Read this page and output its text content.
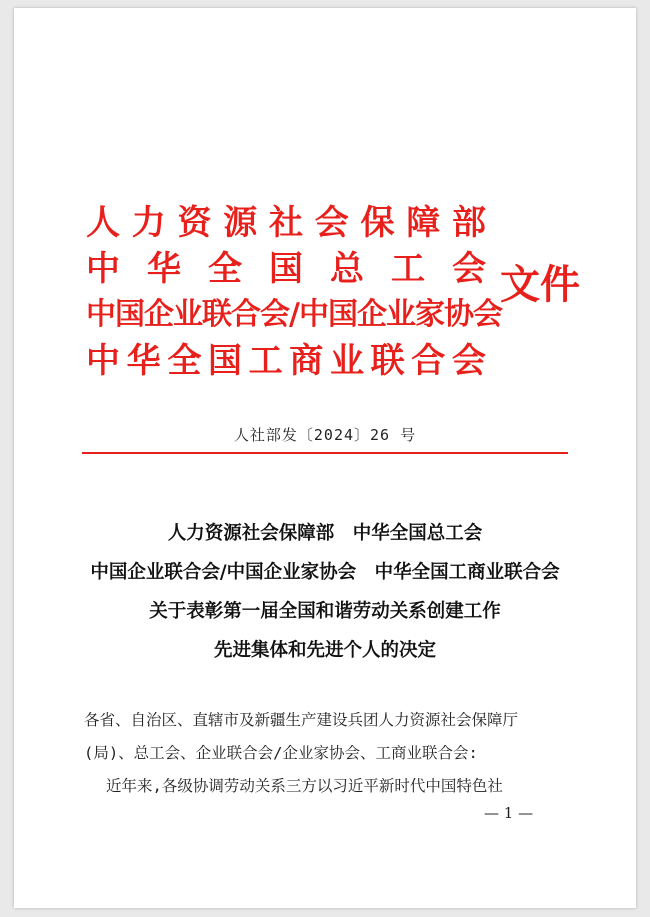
人 力 资 源 社 会 保 障 部
中 华 全 国 总 工 会
中国企业联合会/中国企业家协会
中 华 全 国 工 商 业 联 合 会
文件
人社部发〔2024〕26 号
人力资源社会保障部　中华全国总工会
中国企业联合会/中国企业家协会　中华全国工商业联合会
关于表彰第一届全国和谐劳动关系创建工作
先进集体和先进个人的决定
各省、自治区、直辖市及新疆生产建设兵团人力资源社会保障厅
(局)、总工会、企业联合会/企业家协会、工商业联合会:
近年来,各级协调劳动关系三方以习近平新时代中国特色社
— 1 —
